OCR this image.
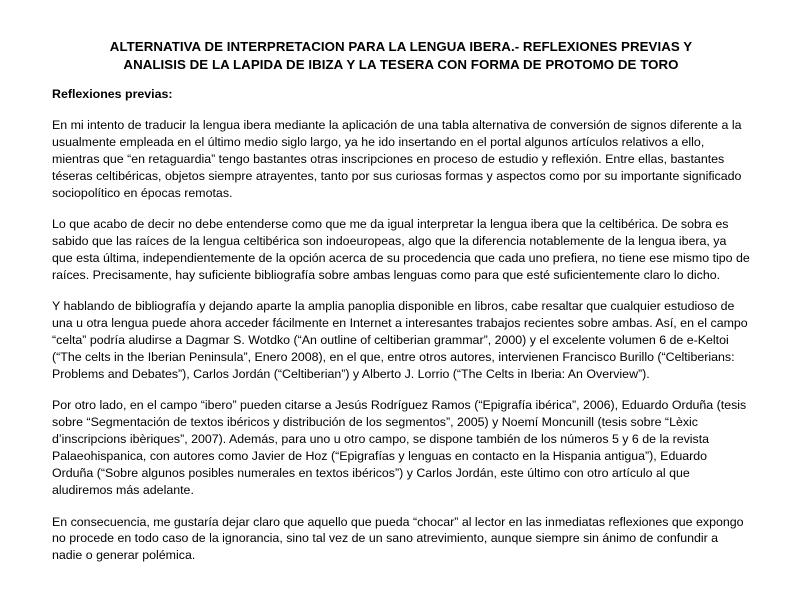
ALTERNATIVA DE INTERPRETACION PARA LA LENGUA IBERA.- REFLEXIONES PREVIAS Y
ANALISIS DE LA LAPIDA DE IBIZA Y LA TESERA CON FORMA DE PROTOMO DE TORO
Reflexiones previas:

En mi intento de traducir la lengua ibera mediante la aplicación de una tabla alternativa de conversión de signos diferente a la usualmente empleada en el último medio siglo largo, ya he ido insertando en el portal algunos artículos relativos a ello, mientras que “en retaguardia” tengo bastantes otras inscripciones en proceso de estudio y reflexión. Entre ellas, bastantes téseras celtibéricas, objetos siempre atrayentes, tanto por sus curiosas formas y aspectos como por su importante significado sociopolítico en épocas remotas.

Lo que acabo de decir no debe entenderse como que me da igual interpretar la lengua ibera que la celtibérica. De sobra es sabido que las raíces de la lengua celtibérica son indoeuropeas, algo que la diferencia notablemente de la lengua ibera, ya que esta última, independientemente de la opción acerca de su procedencia que cada uno prefiera, no tiene ese mismo tipo de raíces. Precisamente, hay suficiente bibliografía sobre ambas lenguas como para que esté suficientemente claro lo dicho.

Y hablando de bibliografía y dejando aparte la amplia panoplia disponible en libros, cabe resaltar que cualquier estudioso de una u otra lengua puede ahora acceder fácilmente en Internet a interesantes trabajos recientes sobre ambas. Así, en el campo “celta” podría aludirse a Dagmar S. Wotdko (“An outline of celtiberian grammar”, 2000) y el excelente volumen 6 de e-Keltoi (“The celts in the Iberian Peninsula”, Enero 2008), en el que, entre otros autores, intervienen Francisco Burillo (“Celtiberians: Problems and Debates”), Carlos Jordán (“Celtiberian”) y Alberto J. Lorrio (“The Celts in Iberia: An Overview”).

Por otro lado, en el campo “ibero” pueden citarse a Jesús Rodríguez Ramos (“Epigrafía ibérica”, 2006), Eduardo Orduña (tesis sobre “Segmentación de textos ibéricos y distribución de los segmentos”, 2005) y Noemí Moncunill (tesis sobre “Lèxic d’inscripcions ibèriques”, 2007). Además, para uno u otro campo, se dispone también de los números 5 y 6 de la revista Palaeohispanica, con autores como Javier de Hoz (“Epigrafías y lenguas en contacto en la Hispania antigua”), Eduardo Orduña (“Sobre algunos posibles numerales en textos ibéricos”) y Carlos Jordán, este último con otro artículo al que aludiremos más adelante.

En consecuencia, me gustaría dejar claro que aquello que pueda “chocar” al lector en las inmediatas reflexiones que expongo no procede en todo caso de la ignorancia, sino tal vez de un sano atrevimiento, aunque siempre sin ánimo de confundir a nadie o generar polémica.
